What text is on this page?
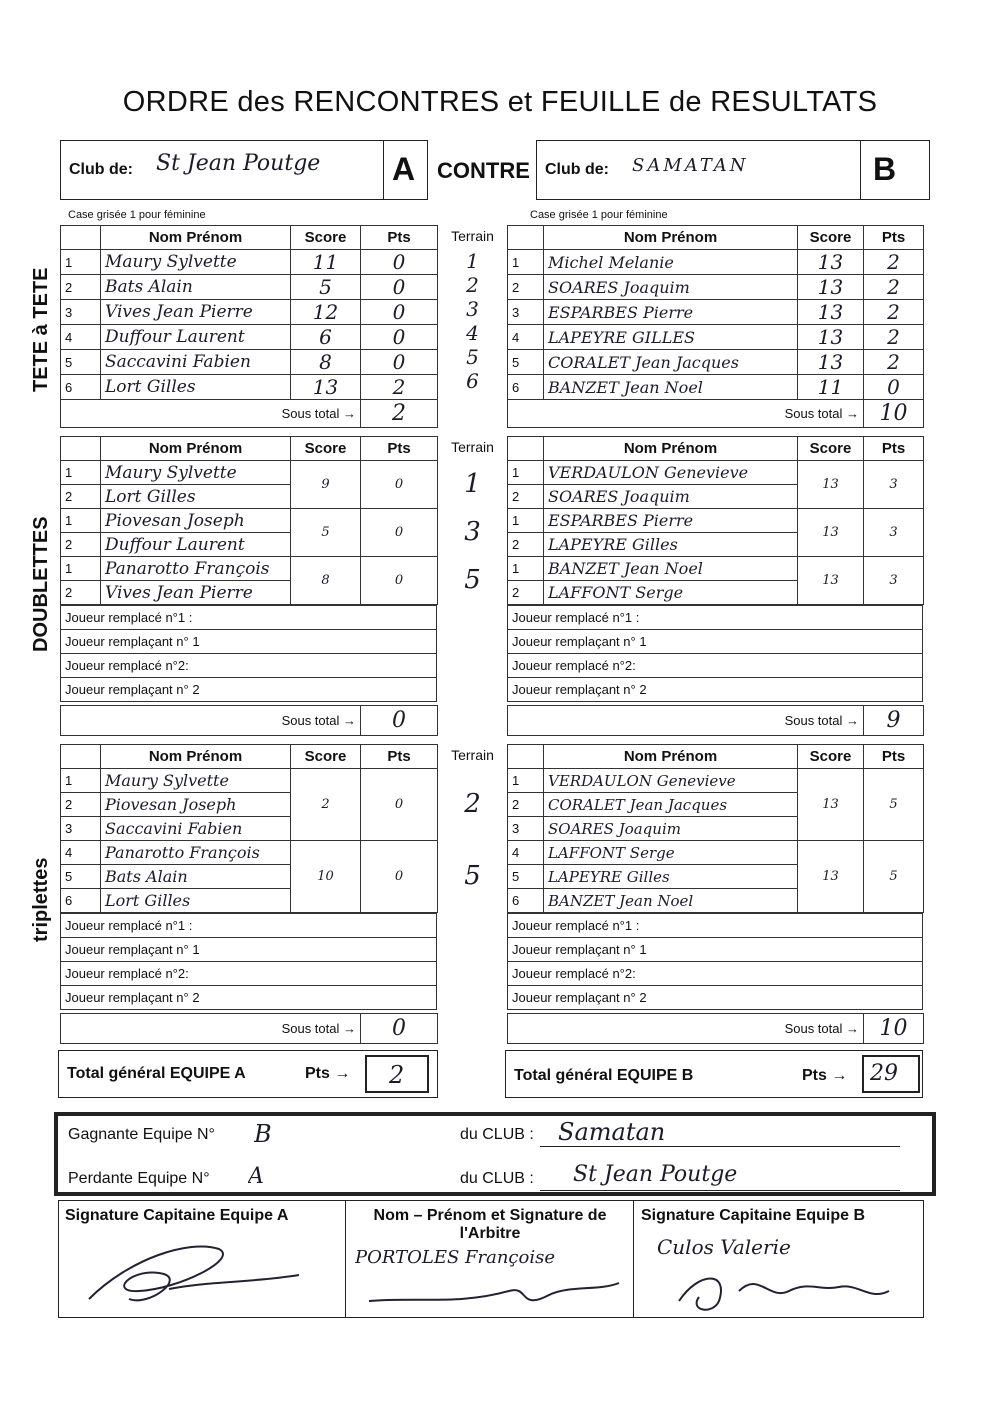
ORDRE des RENCONTRES et FEUILLE de RESULTATS
Club de: St Jean Poutge A CONTRE Club de: SAMATAN	B
Case grisée 1 pour féminine	Case grisée 1 pour féminine
TETE à TETE
DOUBLETTES
triplettes
	Nom Prénom	Score	Pts
1	Maury Sylvette	11	0
2	Bats Alain	5	0
3	Vives Jean Pierre	12	0
4	Duffour Laurent	6	0
5	Saccavini Fabien	8	0
6	Lort Gilles	13	2
Sous total →			2
Terrain
1
2
3
4
5
6
	Nom Prénom	Score	Pts
1	Michel Melanie	13	2
2	SOARES Joaquim	13	2
3	ESPARBES Pierre	13	2
4	LAPEYRE GILLES	13	2
5	CORALET Jean Jacques	13	2
6	BANZET Jean Noel	11	0
Sous total →			10
	Nom Prénom	Score	Pts
1	Maury Sylvette	9	0
2	Lort Gilles		
1	Piovesan Joseph	5	0
2	Duffour Laurent		
1	Panarotto François	8	0
2	Vives Jean Pierre		
Terrain
1
3
5
Joueur remplacé n°1 :
Joueur remplaçant n° 1
Joueur remplacé n°2:
Joueur remplaçant n° 2
Sous total →	0
	Nom Prénom	Score	Pts
1	VERDAULON Genevieve	13	3
2	SOARES Joaquim		
1	ESPARBES Pierre	13	3
2	LAPEYRE Gilles		
1	BANZET Jean Noel	13	3
2	LAFFONT Serge		
Joueur remplacé n°1 :
Joueur remplaçant n° 1
Joueur remplacé n°2:
Joueur remplaçant n° 2
Sous total →	9
	Nom Prénom	Score	Pts
1	Maury Sylvette	2	0
2	Piovesan Joseph		
3	Saccavini Fabien		
4	Panarotto François	10	0
5	Bats Alain		
6	Lort Gilles		
Terrain
2
5
Joueur remplacé n°1 :
Joueur remplaçant n° 1
Joueur remplacé n°2:
Joueur remplaçant n° 2
Sous total →	0
	Nom Prénom	Score	Pts
1	VERDAULON Genevieve	13	5
2	CORALET Jean Jacques		
3	SOARES Joaquim		
4	LAFFONT Serge	13	5
5	LAPEYRE Gilles		
6	BANZET Jean Noel		
Joueur remplacé n°1 :
Joueur remplaçant n° 1
Joueur remplacé n°2:
Joueur remplaçant n° 2
Sous total →	10
Total général EQUIPE A	Pts → 2	Total général EQUIPE B	Pts → 29
Gagnante Equipe N° B	du CLUB : Samatan
Perdante Equipe N° A	du CLUB : St Jean Poutge
Signature Capitaine Equipe A	Nom – Prénom et Signature de l'Arbitre
PORTOLES Françoise
Signature Capitaine Equipe B
Culos Valerie
